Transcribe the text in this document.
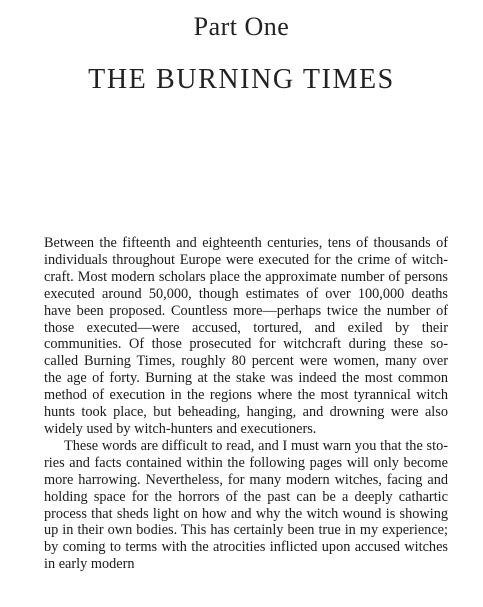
Part One
THE BURNING TIMES

Between the fifteenth and eighteenth centuries, tens of thousands of individuals throughout Europe were executed for the crime of witchcraft. Most modern scholars place the approximate number of persons executed around 50,000, though estimates of over 100,000 deaths have been proposed. Countless more—perhaps twice the number of those executed—were accused, tortured, and exiled by their communities. Of those prosecuted for witchcraft during these so-called Burning Times, roughly 80 percent were women, many over the age of forty. Burning at the stake was indeed the most common method of execution in the regions where the most tyrannical witch hunts took place, but beheading, hanging, and drowning were also widely used by witch-hunters and executioners.

These words are difficult to read, and I must warn you that the stories and facts contained within the following pages will only become more harrowing. Nevertheless, for many modern witches, facing and holding space for the horrors of the past can be a deeply cathartic process that sheds light on how and why the witch wound is showing up in their own bodies. This has certainly been true in my experience; by coming to terms with the atrocities inflicted upon accused witches in early modern
